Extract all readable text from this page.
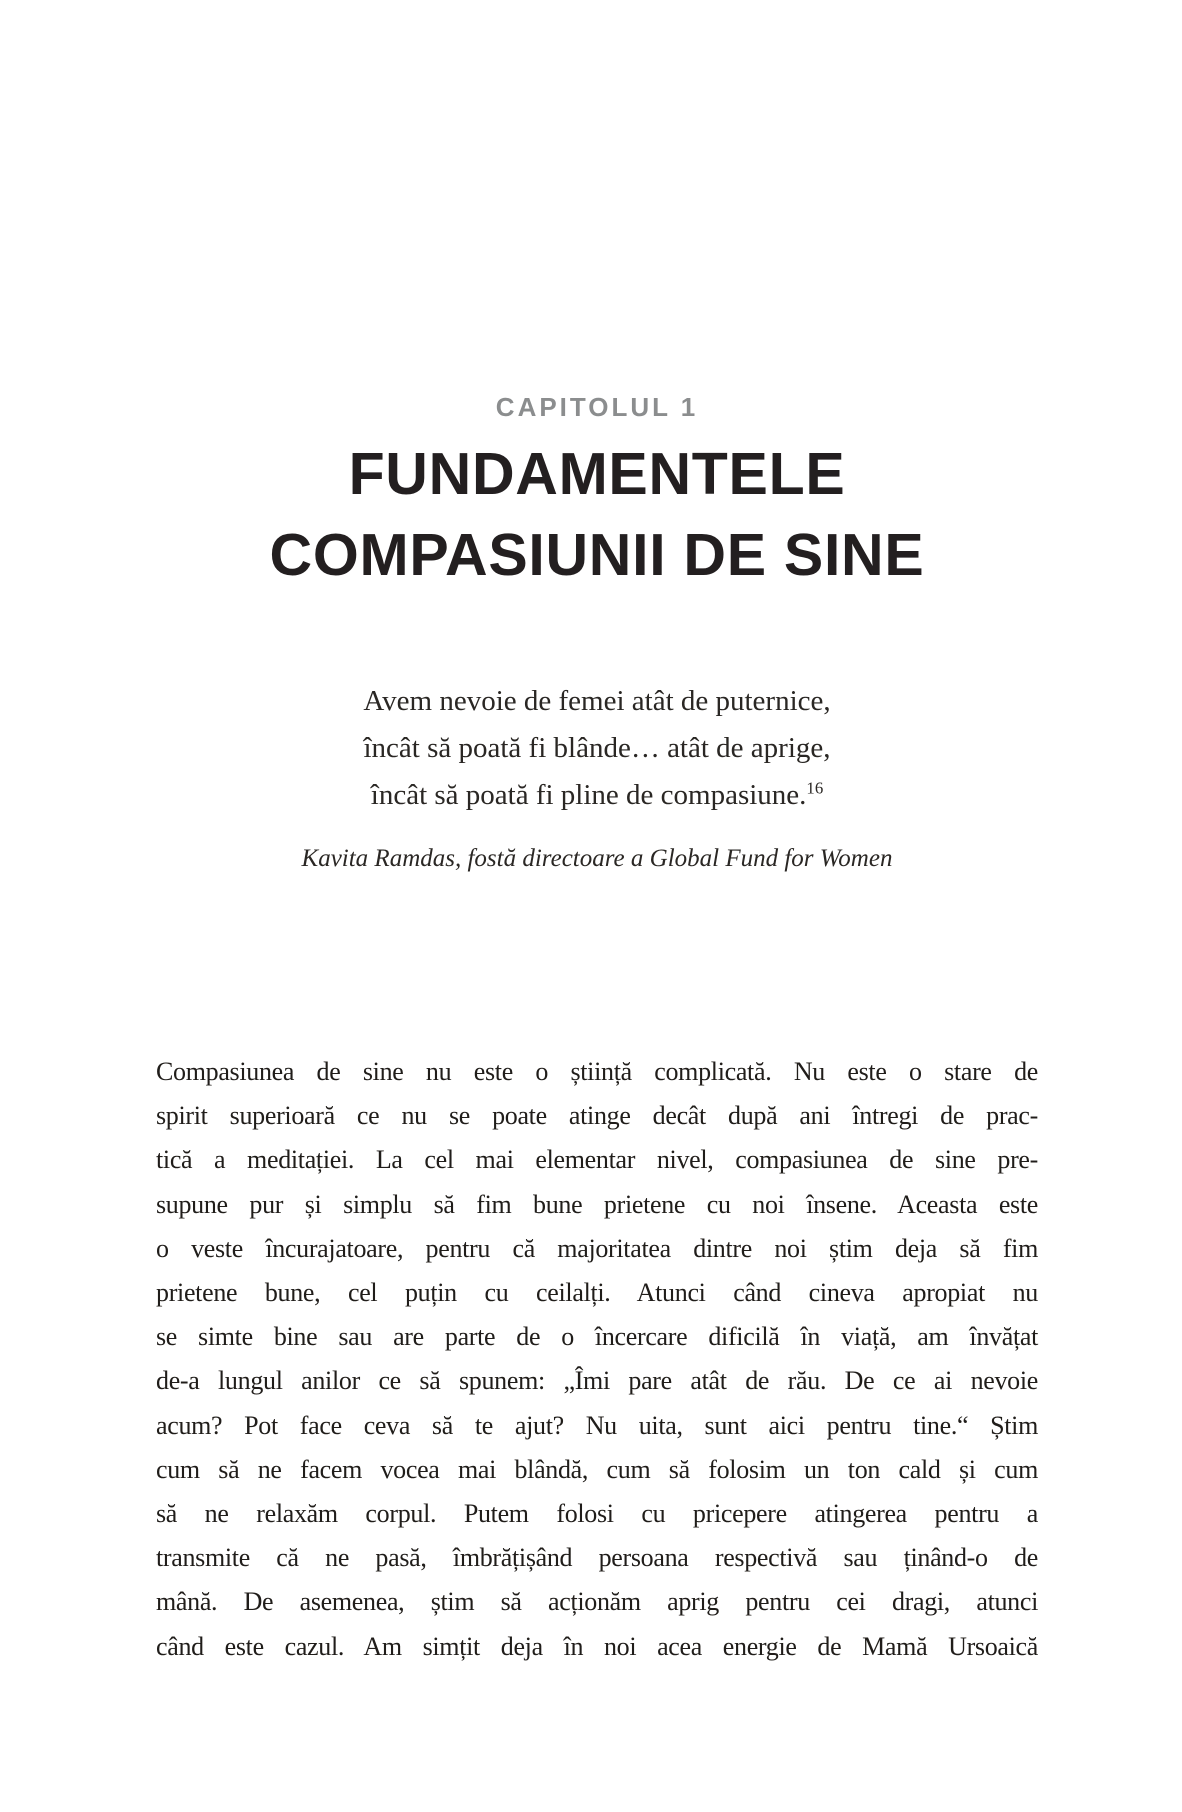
CAPITOLUL 1
FUNDAMENTELE
COMPASIUNII DE SINE
Avem nevoie de femei atât de puternice,
încât să poată fi blânde… atât de aprige,
încât să poată fi pline de compasiune.$^{16}$
Kavita Ramdas, fostă directoare a Global Fund for Women
Compasiunea de sine nu este o știință complicată. Nu este o stare de
spirit superioară ce nu se poate atinge decât după ani întregi de prac-
tică a meditației. La cel mai elementar nivel, compasiunea de sine pre-
supune pur și simplu să fim bune prietene cu noi însene. Aceasta este
o veste încurajatoare, pentru că majoritatea dintre noi știm deja să fim
prietene bune, cel puțin cu ceilalți. Atunci când cineva apropiat nu
se simte bine sau are parte de o încercare dificilă în viață, am învățat
de-a lungul anilor ce să spunem: „Îmi pare atât de rău. De ce ai nevoie
acum? Pot face ceva să te ajut? Nu uita, sunt aici pentru tine.“ Știm
cum să ne facem vocea mai blândă, cum să folosim un ton cald și cum
să ne relaxăm corpul. Putem folosi cu pricepere atingerea pentru a
transmite că ne pasă, îmbrățișând persoana respectivă sau ținând-o de
mână. De asemenea, știm să acționăm aprig pentru cei dragi, atunci
când este cazul. Am simțit deja în noi acea energie de Mamă Ursoaică
